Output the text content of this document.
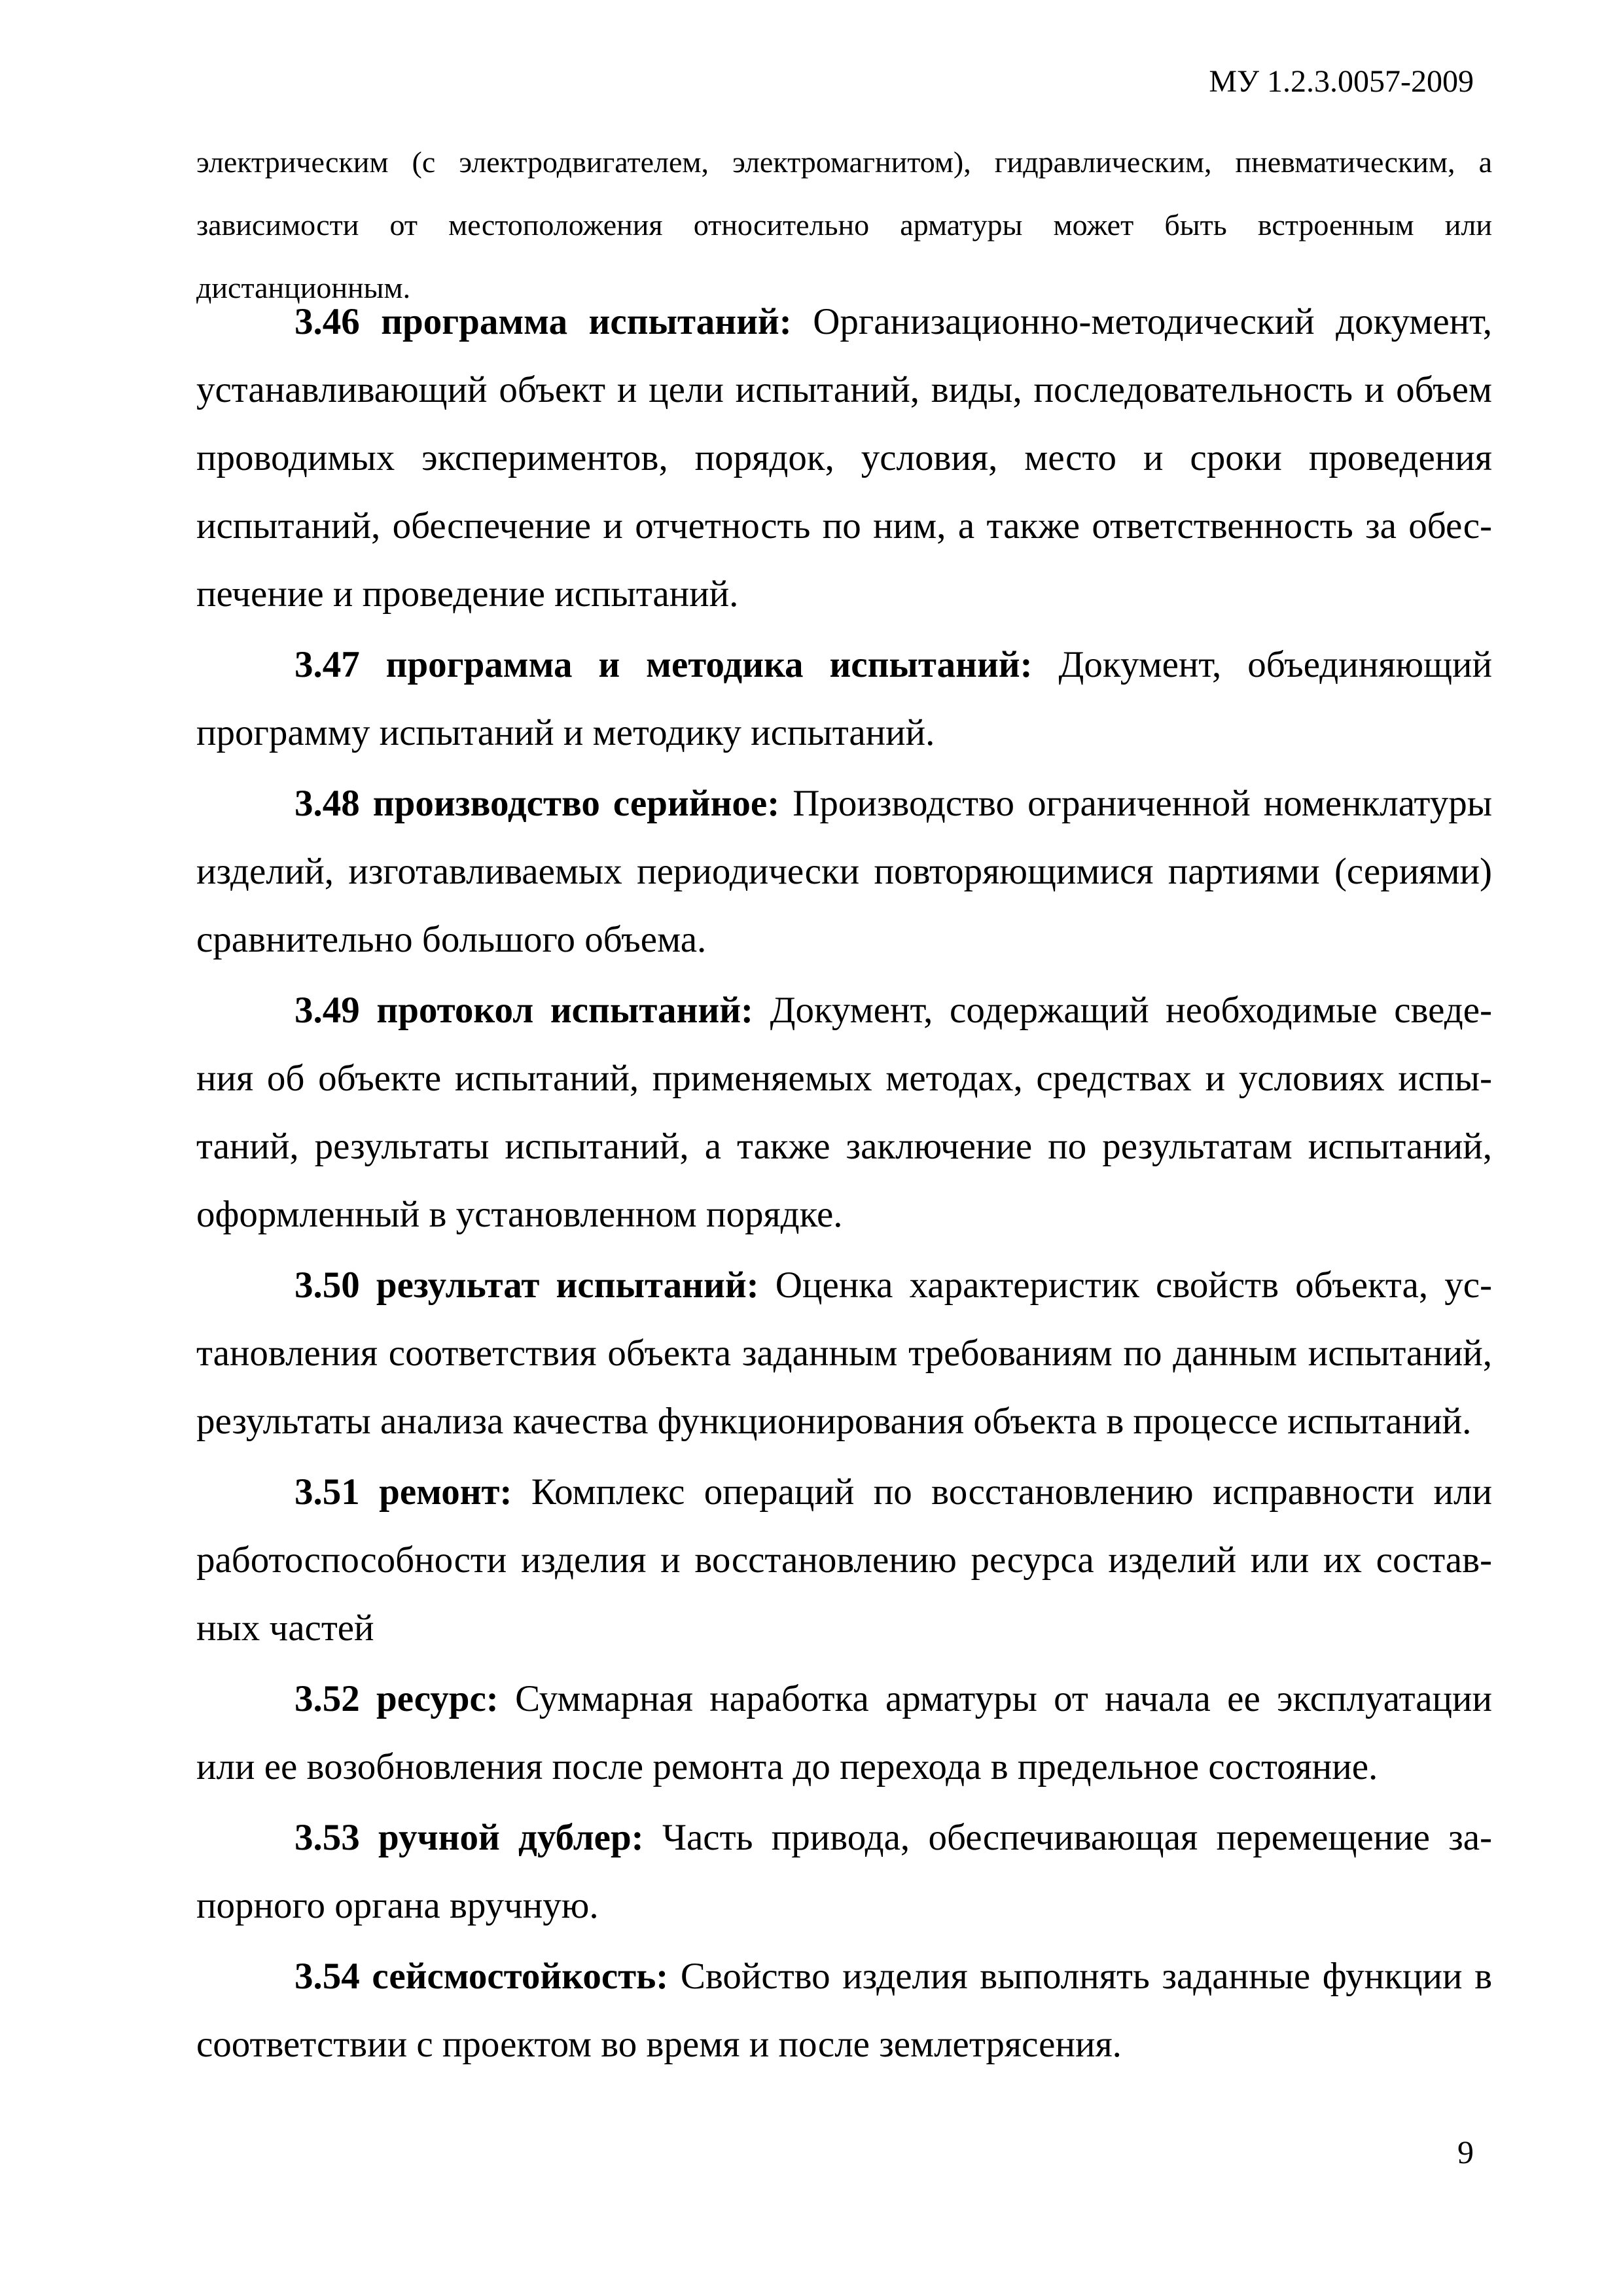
МУ 1.2.3.0057-2009

электрическим (с электродвигателем, электромагнитом), гидравлическим, пневматическим, а зависимости от местоположения относительно арматуры может быть встроенным или дистанционным.

3.46 программа испытаний: Организационно-методический документ, устанавливающий объект и цели испытаний, виды, последовательность и объем проводимых экспериментов, порядок, условия, место и сроки проведения испытаний, обеспечение и отчетность по ним, а также ответственность за обеспечение и проведение испытаний.

3.47 программа и методика испытаний: Документ, объединяющий программу испытаний и методику испытаний.

3.48 производство серийное: Производство ограниченной номенклатуры изделий, изготавливаемых периодически повторяющимися партиями (сериями) сравнительно большого объема.

3.49 протокол испытаний: Документ, содержащий необходимые сведения об объекте испытаний, применяемых методах, средствах и условиях испытаний, результаты испытаний, а также заключение по результатам испытаний, оформленный в установленном порядке.

3.50 результат испытаний: Оценка характеристик свойств объекта, установления соответствия объекта заданным требованиям по данным испытаний, результаты анализа качества функционирования объекта в процессе испытаний.

3.51 ремонт: Комплекс операций по восстановлению исправности или работоспособности изделия и восстановлению ресурса изделий или их составных частей

3.52 ресурс: Суммарная наработка арматуры от начала ее эксплуатации или ее возобновления после ремонта до перехода в предельное состояние.

3.53 ручной дублер: Часть привода, обеспечивающая перемещение запорного органа вручную.

3.54 сейсмостойкость: Свойство изделия выполнять заданные функции в соответствии с проектом во время и после землетрясения.

9
